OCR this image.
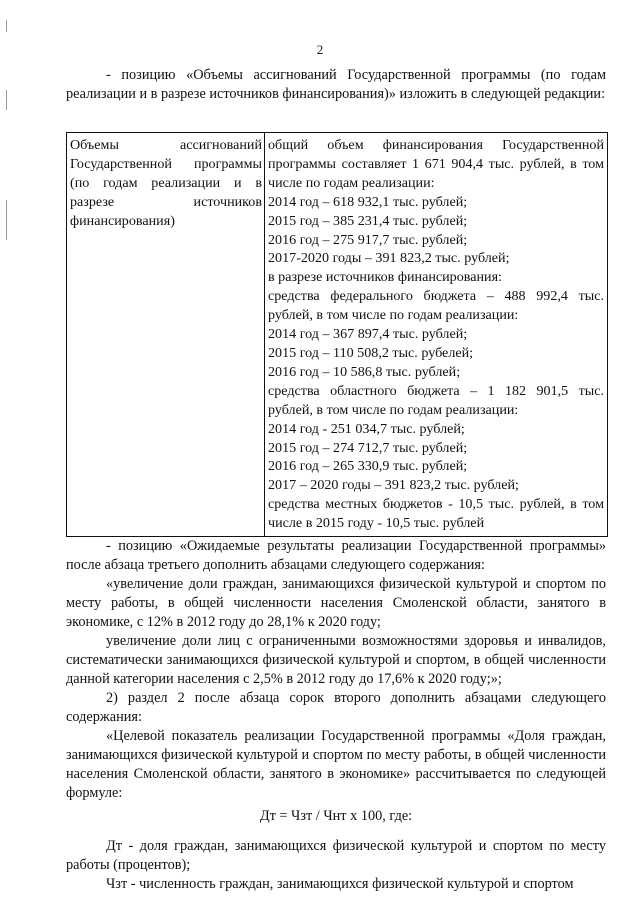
2

- позицию «Объемы ассигнований Государственной программы (по годам реализации и в разрезе источников финансирования)» изложить в следующей редакции:

Объемы ассигнований Государственной программы (по годам реализации и в разрезе источников финансирования)
общий объем финансирования Государственной программы составляет 1 671 904,4 тыс. рублей, в том числе по годам реализации:
2014 год – 618 932,1 тыс. рублей;
2015 год – 385 231,4 тыс. рублей;
2016 год – 275 917,7 тыс. рублей;
2017-2020 годы – 391 823,2 тыс. рублей;
в разрезе источников финансирования:
средства федерального бюджета – 488 992,4 тыс. рублей, в том числе по годам реализации:
2014 год – 367 897,4 тыс. рублей;
2015 год – 110 508,2 тыс. рубелей;
2016 год – 10 586,8 тыс. рублей;
средства областного бюджета – 1 182 901,5 тыс. рублей, в том числе по годам реализации:
2014 год - 251 034,7 тыс. рублей;
2015 год – 274 712,7 тыс. рублей;
2016 год – 265 330,9 тыс. рублей;
2017 – 2020 годы – 391 823,2 тыс. рублей;
средства местных бюджетов - 10,5 тыс. рублей, в том числе в 2015 году - 10,5 тыс. рублей

- позицию «Ожидаемые результаты реализации Государственной программы» после абзаца третьего дополнить абзацами следующего содержания:

«увеличение доли граждан, занимающихся физической культурой и спортом по месту работы, в общей численности населения Смоленской области, занятого в экономике, с 12% в 2012 году до 28,1% к 2020 году;

увеличение доли лиц с ограниченными возможностями здоровья и инвалидов, систематически занимающихся физической культурой и спортом, в общей численности данной категории населения с 2,5% в 2012 году до 17,6% к 2020 году;»;

2) раздел 2 после абзаца сорок второго дополнить абзацами следующего содержания:

«Целевой показатель реализации Государственной программы «Доля граждан, занимающихся физической культурой и спортом по месту работы, в общей численности населения Смоленской области, занятого в экономике» рассчитывается по следующей формуле:

Дт = Чзт / Чнт х 100, где:

Дт - доля граждан, занимающихся физической культурой и спортом по месту работы (процентов);

Чзт - численность граждан, занимающихся физической культурой и спортом
